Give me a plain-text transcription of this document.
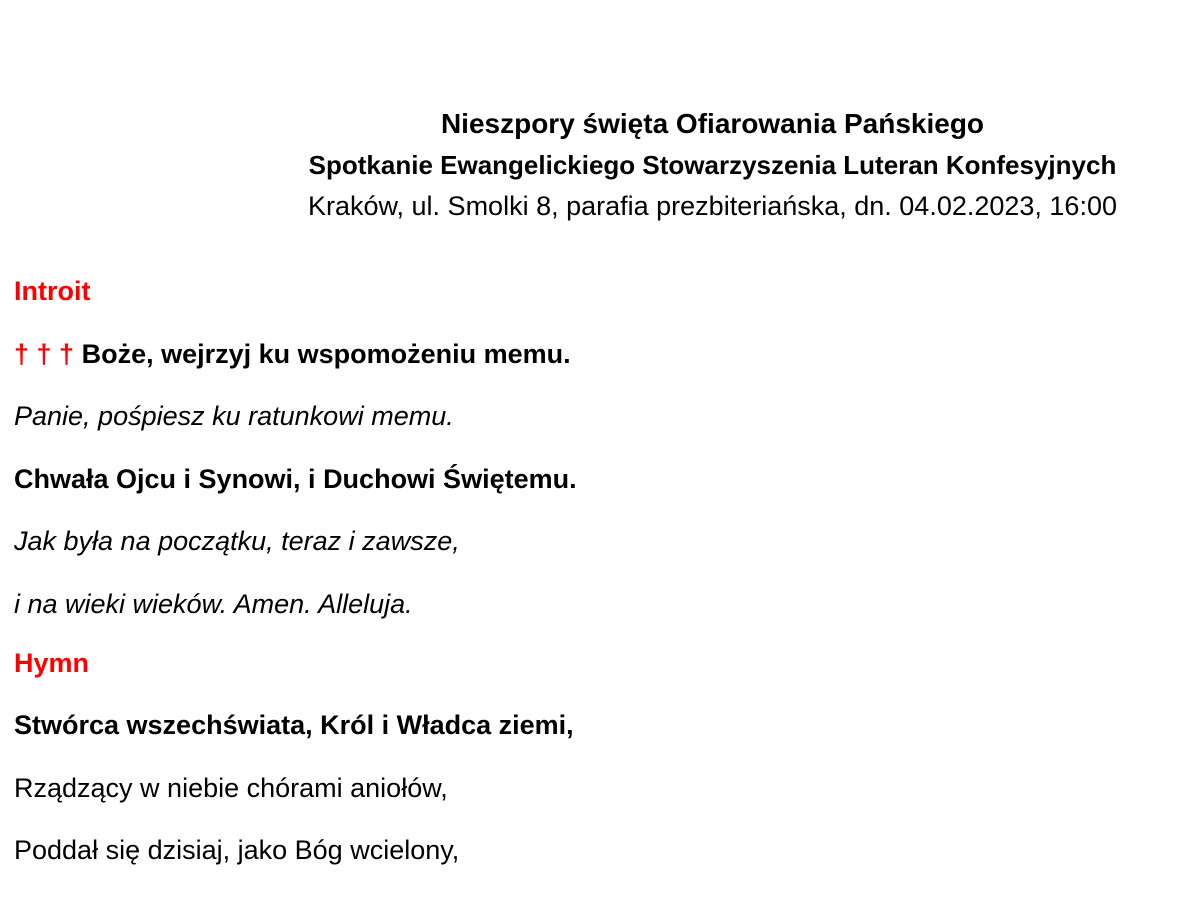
Nieszpory święta Ofiarowania Pańskiego
Spotkanie Ewangelickiego Stowarzyszenia Luteran Konfesyjnych
Kraków, ul. Smolki 8, parafia prezbiteriańska, dn. 04.02.2023, 16:00
Introit
† † † Boże, wejrzyj ku wspomożeniu memu.
Panie, pośpiesz ku ratunkowi memu.
Chwała Ojcu i Synowi, i Duchowi Świętemu.
Jak była na początku, teraz i zawsze,
i na wieki wieków. Amen. Alleluja.
Hymn
Stwórca wszechświata, Król i Władca ziemi,
Rządzący w niebie chórami aniołów,
Poddał się dzisiaj, jako Bóg wcielony,
